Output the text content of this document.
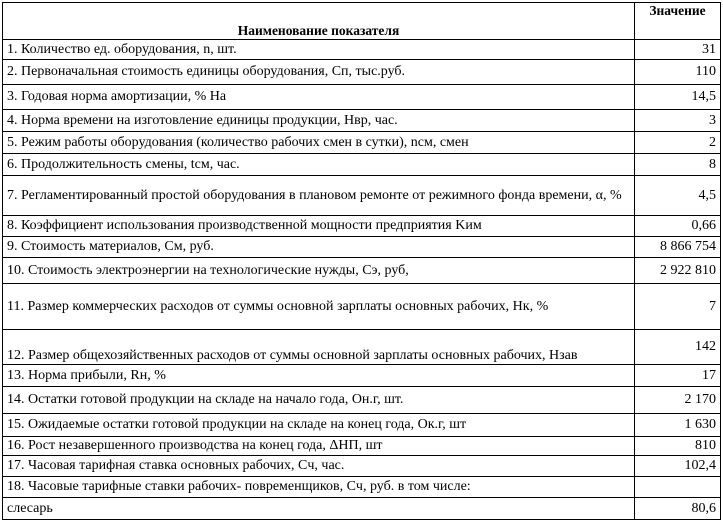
Наименование показателя	Значение
1. Количество ед. оборудования, n, шт.	31
2. Первоначальная стоимость единицы оборудования, Cп, тыс.руб.	110
3. Годовая норма амортизации, % Hа	14,5
4. Норма времени на изготовление единицы продукции, Hвр, час.	3
5. Режим работы оборудования (количество рабочих смен в сутки), nсм, смен	2
6. Продолжительность смены, tсм, час.	8
7. Регламентированный простой оборудования в плановом ремонте от режимного фонда времени, α, %	4,5
8. Коэффициент использования производственной мощности предприятия Kим	0,66
9. Стоимость материалов, Cм, руб.	8 866 754
10. Стоимость электроэнергии на технологические нужды, Cэ, руб,	2 922 810
11. Размер коммерческих расходов от суммы основной зарплаты основных рабочих, Hк, %	7
12. Размер общехозяйственных расходов от суммы основной зарплаты основных рабочих, Hзав	142
13. Норма прибыли, Rн, %	17
14. Остатки готовой продукции на складе на начало года, Oн.г, шт.	2 170
15. Ожидаемые остатки готовой продукции на складе на конец года, Oк.г, шт	1 630
16. Рост незавершенного производства на конец года, ΔНП, шт	810
17. Часовая тарифная ставка основных рабочих, Cч, час.	102,4
18. Часовые тарифные ставки рабочих- повременщиков, Cч, руб. в том числе:	
слесарь	80,6
